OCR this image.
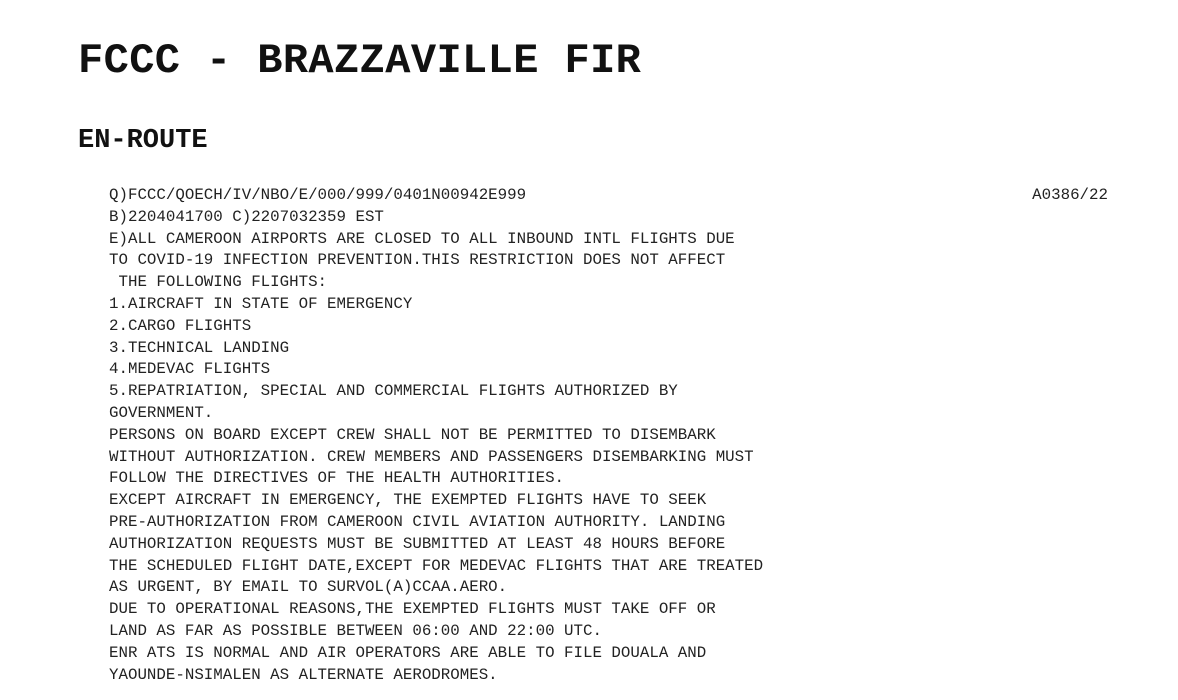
FCCC - BRAZZAVILLE FIR
EN-ROUTE
A0386/22
Q)FCCC/QOECH/IV/NBO/E/000/999/0401N00942E999
B)2204041700 C)2207032359 EST
E)ALL CAMEROON AIRPORTS ARE CLOSED TO ALL INBOUND INTL FLIGHTS DUE
TO COVID-19 INFECTION PREVENTION.THIS RESTRICTION DOES NOT AFFECT
THE FOLLOWING FLIGHTS:
1.AIRCRAFT IN STATE OF EMERGENCY
2.CARGO FLIGHTS
3.TECHNICAL LANDING
4.MEDEVAC FLIGHTS
5.REPATRIATION, SPECIAL AND COMMERCIAL FLIGHTS AUTHORIZED BY
GOVERNMENT.
PERSONS ON BOARD EXCEPT CREW SHALL NOT BE PERMITTED TO DISEMBARK
WITHOUT AUTHORIZATION. CREW MEMBERS AND PASSENGERS DISEMBARKING MUST
FOLLOW THE DIRECTIVES OF THE HEALTH AUTHORITIES.
EXCEPT AIRCRAFT IN EMERGENCY, THE EXEMPTED FLIGHTS HAVE TO SEEK
PRE-AUTHORIZATION FROM CAMEROON CIVIL AVIATION AUTHORITY. LANDING
AUTHORIZATION REQUESTS MUST BE SUBMITTED AT LEAST 48 HOURS BEFORE
THE SCHEDULED FLIGHT DATE,EXCEPT FOR MEDEVAC FLIGHTS THAT ARE TREATED
AS URGENT, BY EMAIL TO SURVOL(A)CCAA.AERO.
DUE TO OPERATIONAL REASONS,THE EXEMPTED FLIGHTS MUST TAKE OFF OR
LAND AS FAR AS POSSIBLE BETWEEN 06:00 AND 22:00 UTC.
ENR ATS IS NORMAL AND AIR OPERATORS ARE ABLE TO FILE DOUALA AND
YAOUNDE-NSIMALEN AS ALTERNATE AERODROMES.
